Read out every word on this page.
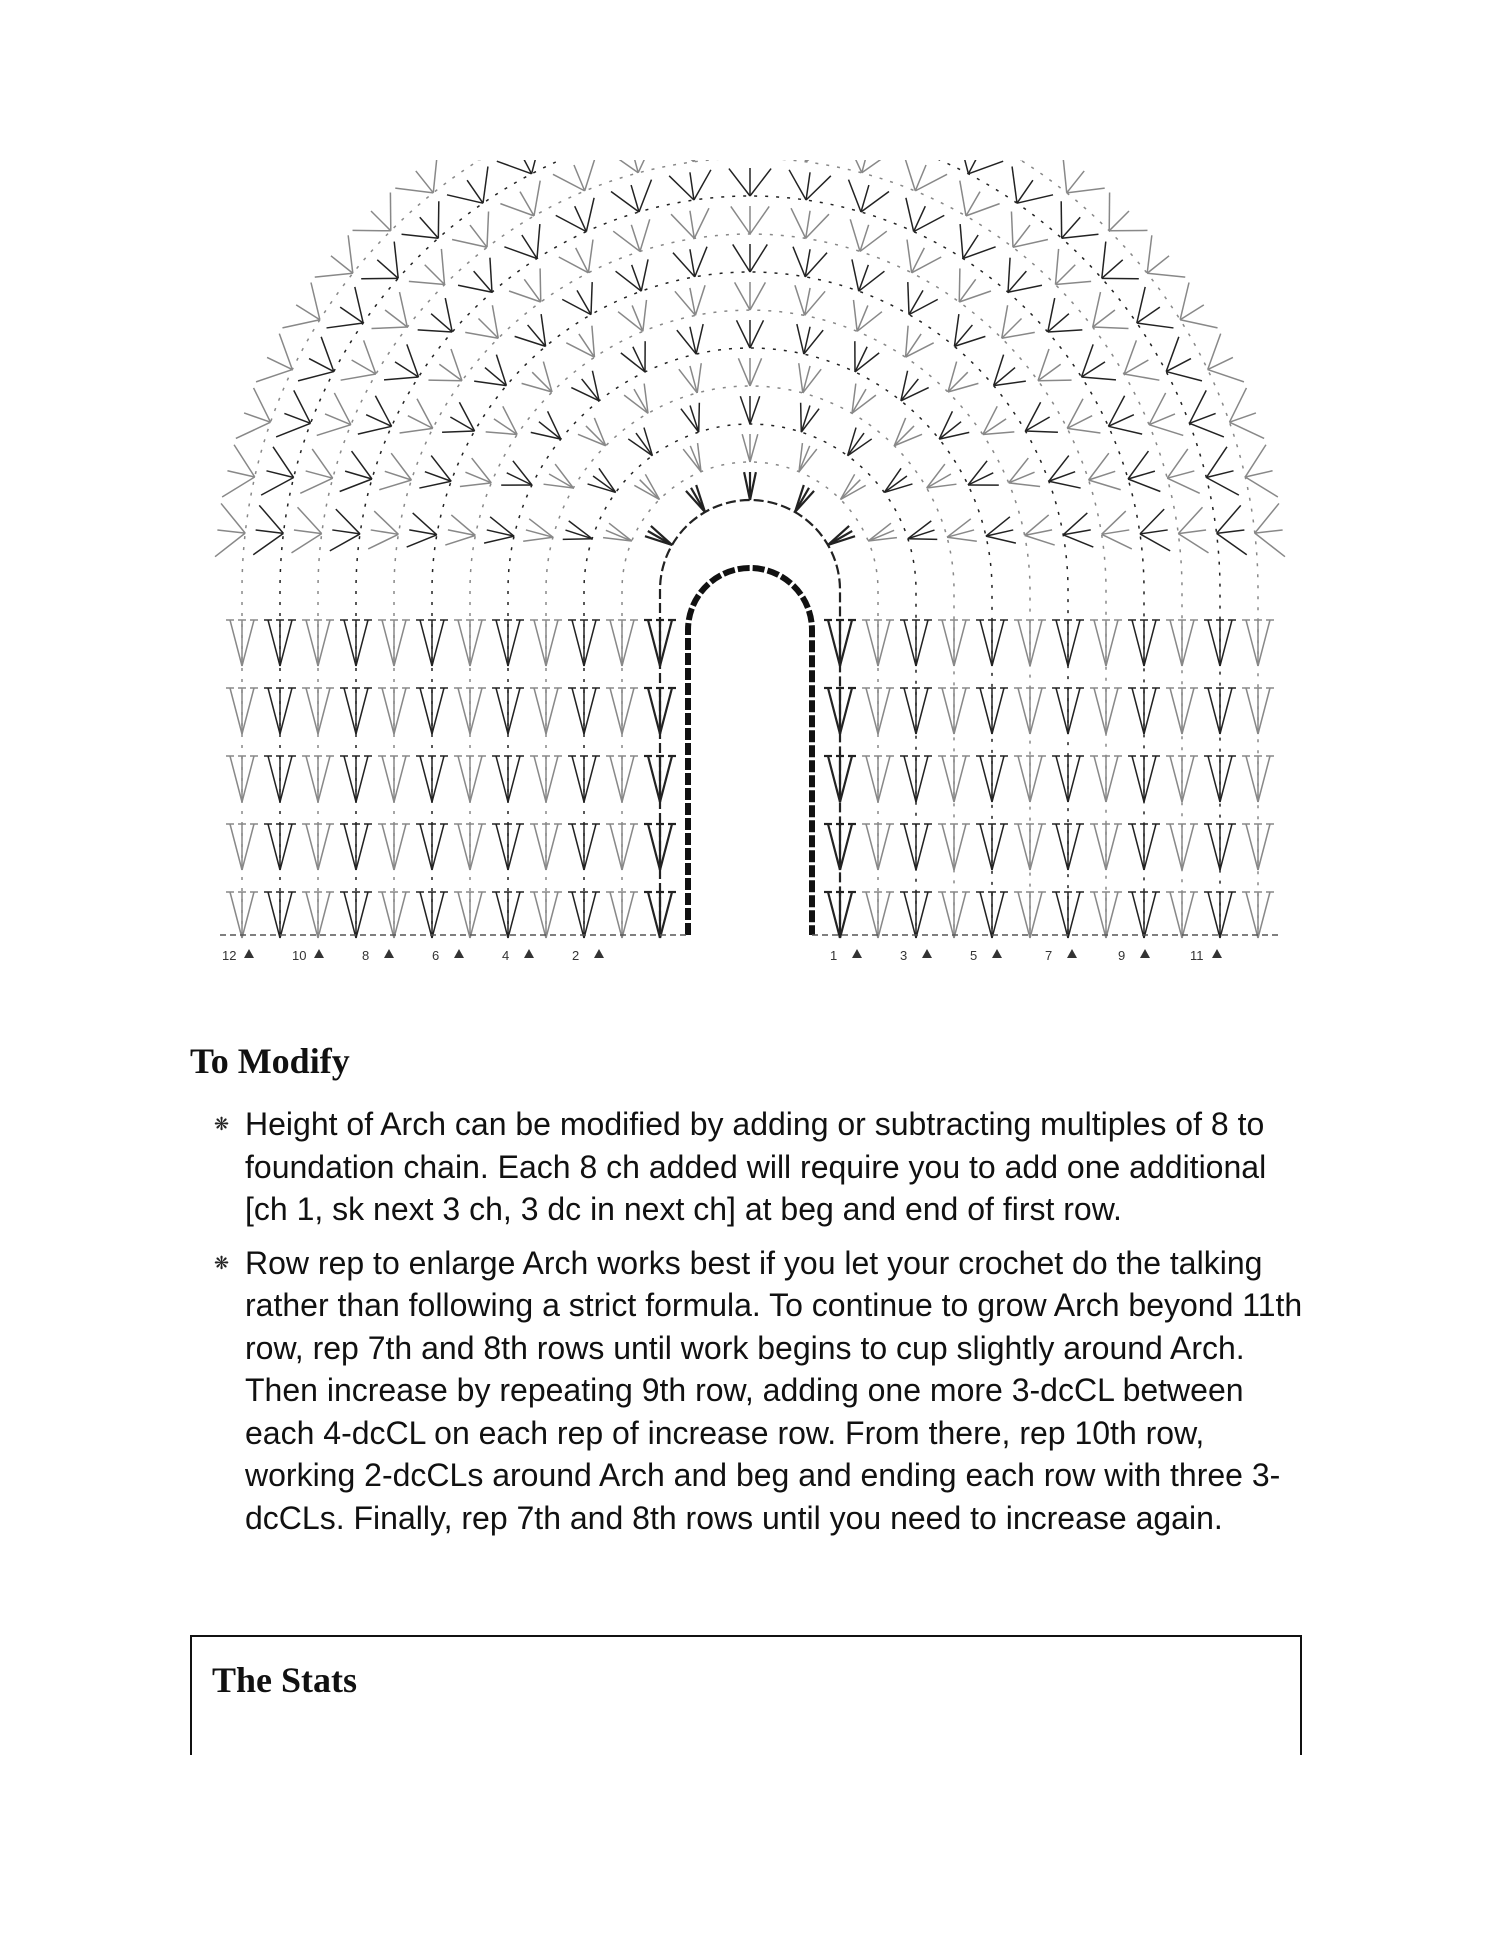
12	10	8	6	4	2	1	3	5	7	9	11
To Modify
❋ Height of Arch can be modified by adding or subtracting multiples of 8 to foundation chain. Each 8 ch added will require you to add one additional [ch 1, sk next 3 ch, 3 dc in next ch] at beg and end of first row.
❋ Row rep to enlarge Arch works best if you let your crochet do the talking rather than following a strict formula. To continue to grow Arch beyond 11th row, rep 7th and 8th rows until work begins to cup slightly around Arch. Then increase by repeating 9th row, adding one more 3-dcCL between each 4-dcCL on each rep of increase row. From there, rep 10th row, working 2-dcCLs around Arch and beg and ending each row with three 3-dcCLs. Finally, rep 7th and 8th rows until you need to increase again.
The Stats
